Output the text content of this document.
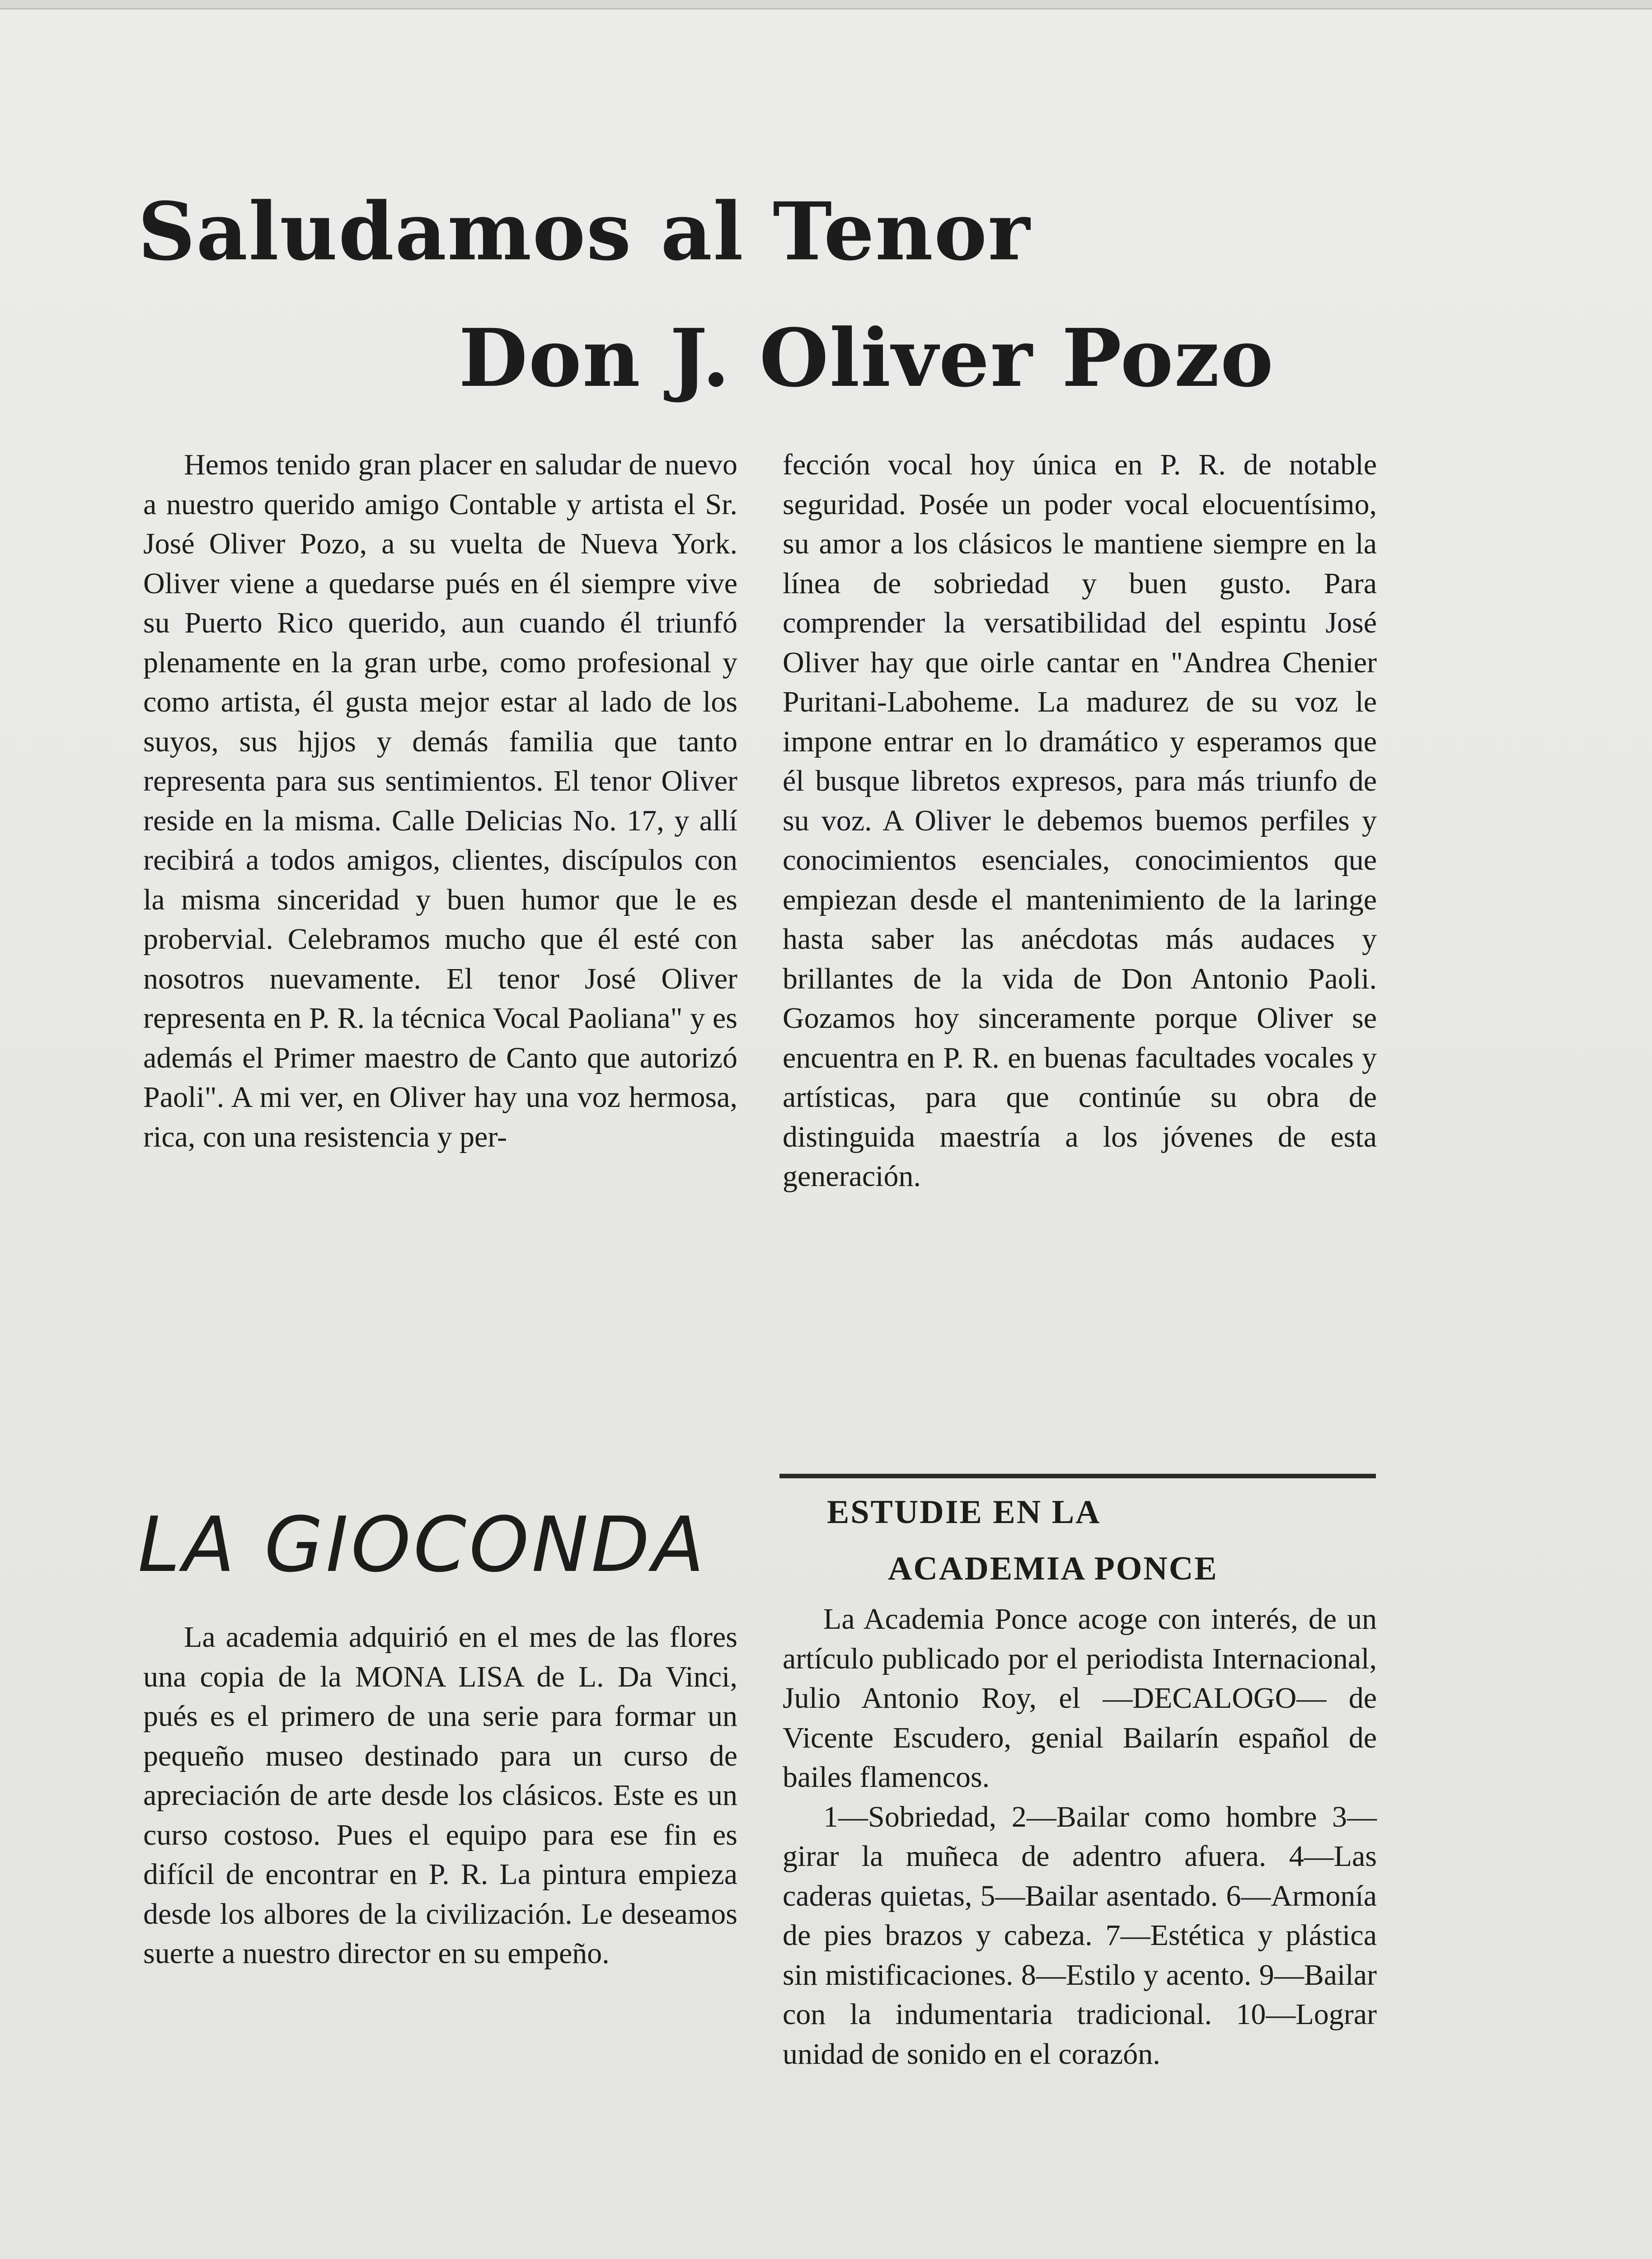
Saludamos al Tenor
Don J. Oliver Pozo

Hemos tenido gran placer en saludar de nuevo a nuestro querido amigo Contable y artista el Sr. José Oliver Pozo, a su vuelta de Nueva York. Oliver viene a quedarse pués en él siempre vive su Puerto Rico querido, aun cuando él triunfó plenamente en la gran urbe, como profesional y como artista, él gusta mejor estar al lado de los suyos, sus hjjos y demás familia que tanto representa para sus sentimientos. El tenor Oliver reside en la misma. Calle Delicias No. 17, y allí recibirá a todos amigos, clientes, discípulos con la misma sinceridad y buen humor que le es probervial. Celebramos mucho que él esté con nosotros nuevamente. El tenor José Oliver representa en P. R. la técnica Vocal Paoliana" y es además el Primer maestro de Canto que autorizó Paoli". A mi ver, en Oliver hay una voz hermosa, rica, con una resistencia y per-

fección vocal hoy única en P. R. de notable seguridad. Posée un poder vocal elocuentísimo, su amor a los clásicos le mantiene siempre en la línea de sobriedad y buen gusto. Para comprender la versatibilidad del espintu José Oliver hay que oirle cantar en "Andrea Chenier Puritani-Laboheme. La madurez de su voz le impone entrar en lo dramático y esperamos que él busque libretos expresos, para más triunfo de su voz. A Oliver le debemos buemos perfiles y conocimientos esenciales, conocimientos que empiezan desde el mantenimiento de la laringe hasta saber las anécdotas más audaces y brillantes de la vida de Don Antonio Paoli. Gozamos hoy sinceramente porque Oliver se encuentra en P. R. en buenas facultades vocales y artísticas, para que continúe su obra de distinguida maestría a los jóvenes de esta generación.

LA GIOCONDA

La academia adquirió en el mes de las flores una copia de la MONA LISA de L. Da Vinci, pués es el primero de una serie para formar un pequeño museo destinado para un curso de apreciación de arte desde los clásicos. Este es un curso costoso. Pues el equipo para ese fin es difícil de encontrar en P. R. La pintura empieza desde los albores de la civilización. Le deseamos suerte a nuestro director en su empeño.

ESTUDIE EN LA
ACADEMIA PONCE

La Academia Ponce acoge con interés, de un artículo publicado por el periodista Internacional, Julio Antonio Roy, el —DECALOGO— de Vicente Escudero, genial Bailarín español de bailes flamencos.

1—Sobriedad, 2—Bailar como hombre 3—girar la muñeca de adentro afuera. 4—Las caderas quietas, 5—Bailar asentado. 6—Armonía de pies brazos y cabeza. 7—Estética y plástica sin mistificaciones. 8—Estilo y acento. 9—Bailar con la indumentaria tradicional. 10—Lograr unidad de sonido en el corazón.
